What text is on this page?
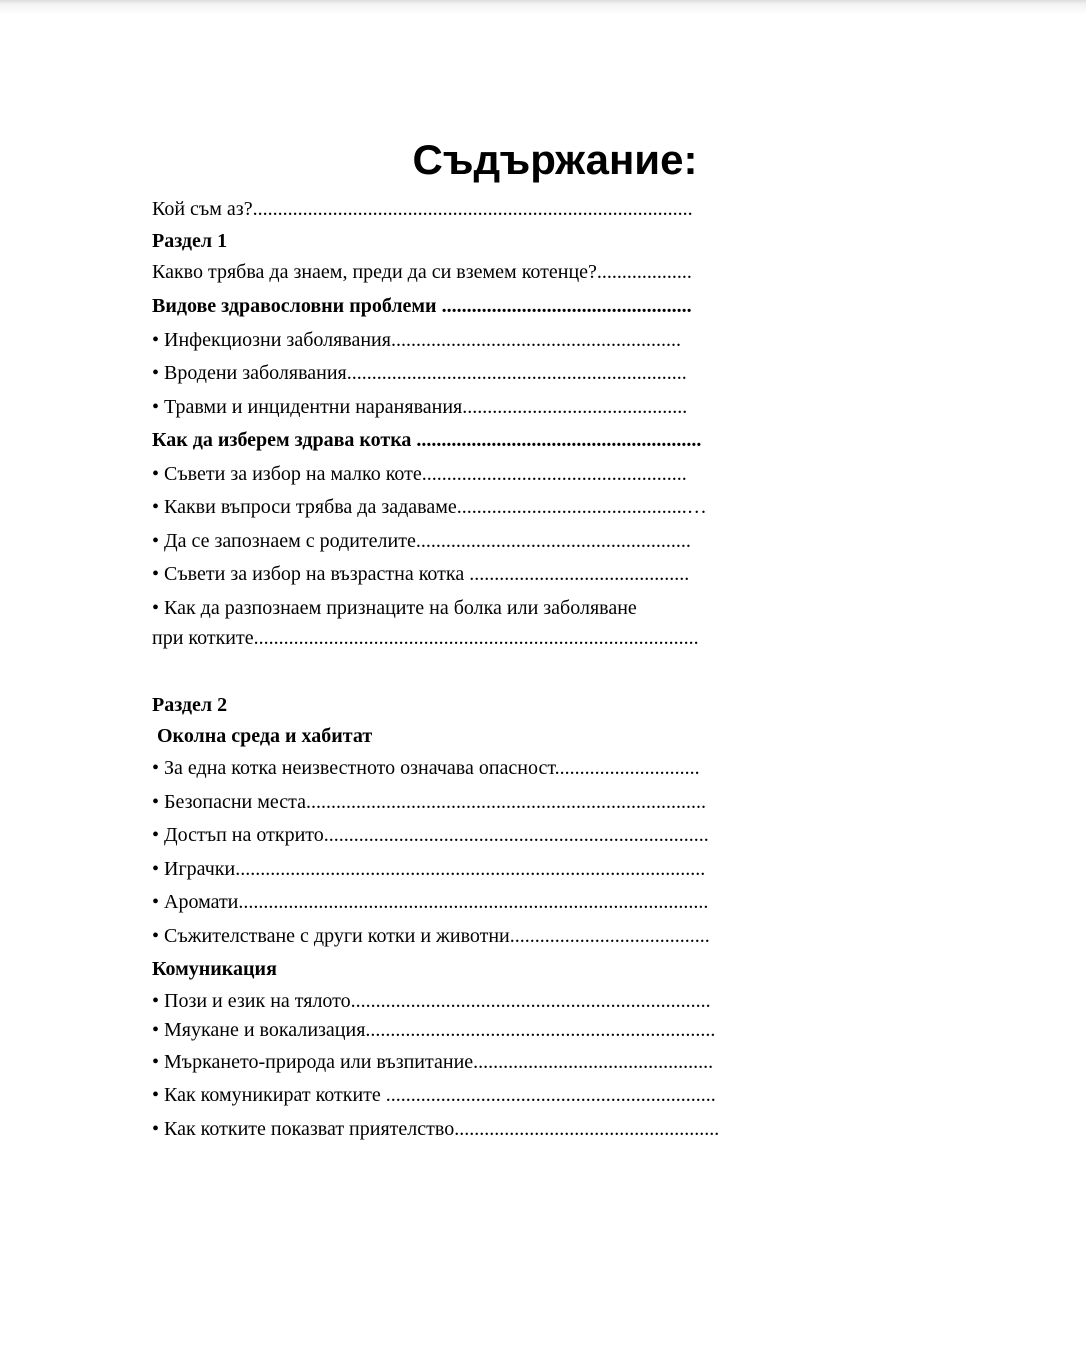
Съдържание:
Кой съм аз?........................................................................................
Раздел 1
Какво трябва да знаем, преди да си вземем котенце?...................
Видове здравословни проблеми ..................................................
• Инфекциозни заболявания..........................................................
• Вродени заболявания....................................................................
• Травми и инцидентни наранявания.............................................
Как да изберем здрава котка .........................................................
• Съвети за избор на малко коте.....................................................
• Какви въпроси трябва да задаваме..............................................…
• Да се запознаем с родителите.......................................................
• Съвети за избор на възрастна котка ............................................
• Как да разпознаем признаците на болка или заболяване
при котките.........................................................................................
Раздел 2
Околна среда и хабитат
• За една котка неизвестното означава опасност.............................
• Безопасни места................................................................................
• Достъп на открито.............................................................................
• Играчки..............................................................................................
• Аромати..............................................................................................
• Съжителстване с други котки и животни........................................
Комуникация
• Пози и език на тялото........................................................................
• Мяукане и вокализация......................................................................
• Мъркането-природа или възпитание................................................
• Как комуникират котките ..................................................................
• Как котките показват приятелство.....................................................
